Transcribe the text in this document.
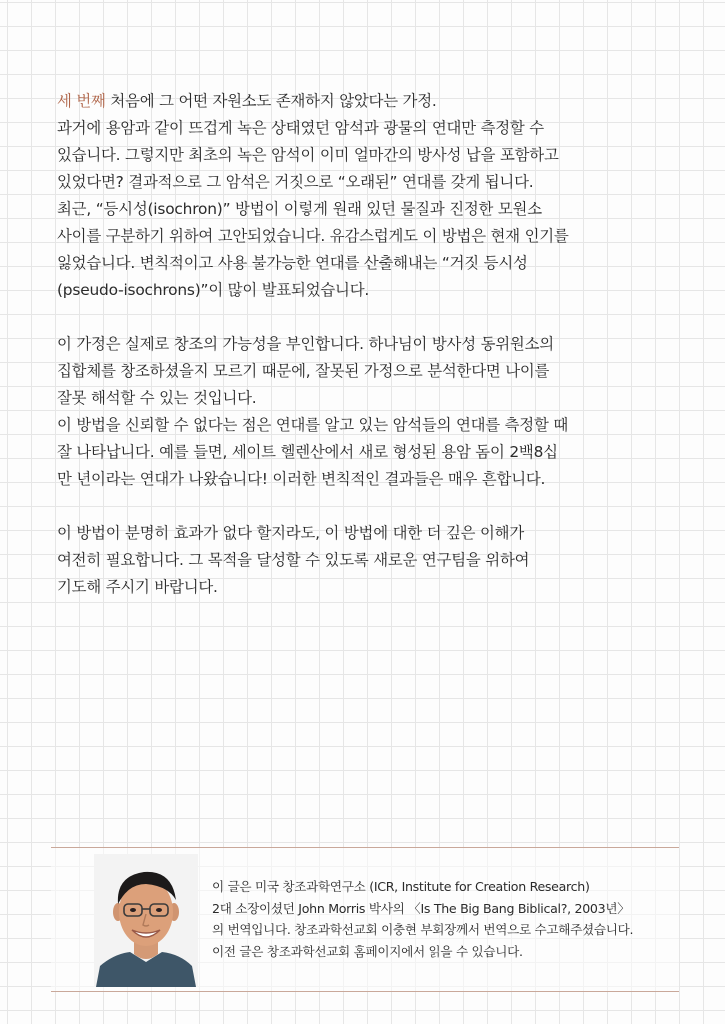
세 번째 처음에 그 어떤 자원소도 존재하지 않았다는 가정.

과거에 용암과 같이 뜨겁게 녹은 상태였던 암석과 광물의 연대만 측정할 수

있습니다. 그렇지만 최초의 녹은 암석이 이미 얼마간의 방사성 납을 포함하고

있었다면? 결과적으로 그 암석은 거짓으로 “오래된” 연대를 갖게 됩니다.

최근, “등시성(isochron)” 방법이 이렇게 원래 있던 물질과 진정한 모원소

사이를 구분하기 위하여 고안되었습니다. 유감스럽게도 이 방법은 현재 인기를

잃었습니다. 변칙적이고 사용 불가능한 연대를 산출해내는 “거짓 등시성

(pseudo-isochrons)”이 많이 발표되었습니다.

이 가정은 실제로 창조의 가능성을 부인합니다. 하나님이 방사성 동위원소의

집합체를 창조하셨을지 모르기 때문에, 잘못된 가정으로 분석한다면 나이를

잘못 해석할 수 있는 것입니다.

이 방법을 신뢰할 수 없다는 점은 연대를 알고 있는 암석들의 연대를 측정할 때

잘 나타납니다. 예를 들면, 세이트 헬렌산에서 새로 형성된 용암 돔이 2백8십

만 년이라는 연대가 나왔습니다! 이러한 변칙적인 결과들은 매우 흔합니다.

이 방법이 분명히 효과가 없다 할지라도, 이 방법에 대한 더 깊은 이해가

여전히 필요합니다. 그 목적을 달성할 수 있도록 새로운 연구팀을 위하여

기도해 주시기 바랍니다.

이 글은 미국 창조과학연구소 (ICR, Institute for Creation Research)

2대 소장이셨던 John Morris 박사의 〈Is The Big Bang Biblical?, 2003년〉

의 번역입니다. 창조과학선교회 이충현 부회장께서 번역으로 수고해주셨습니다.

이전 글은 창조과학선교회 홈페이지에서 읽을 수 있습니다.
